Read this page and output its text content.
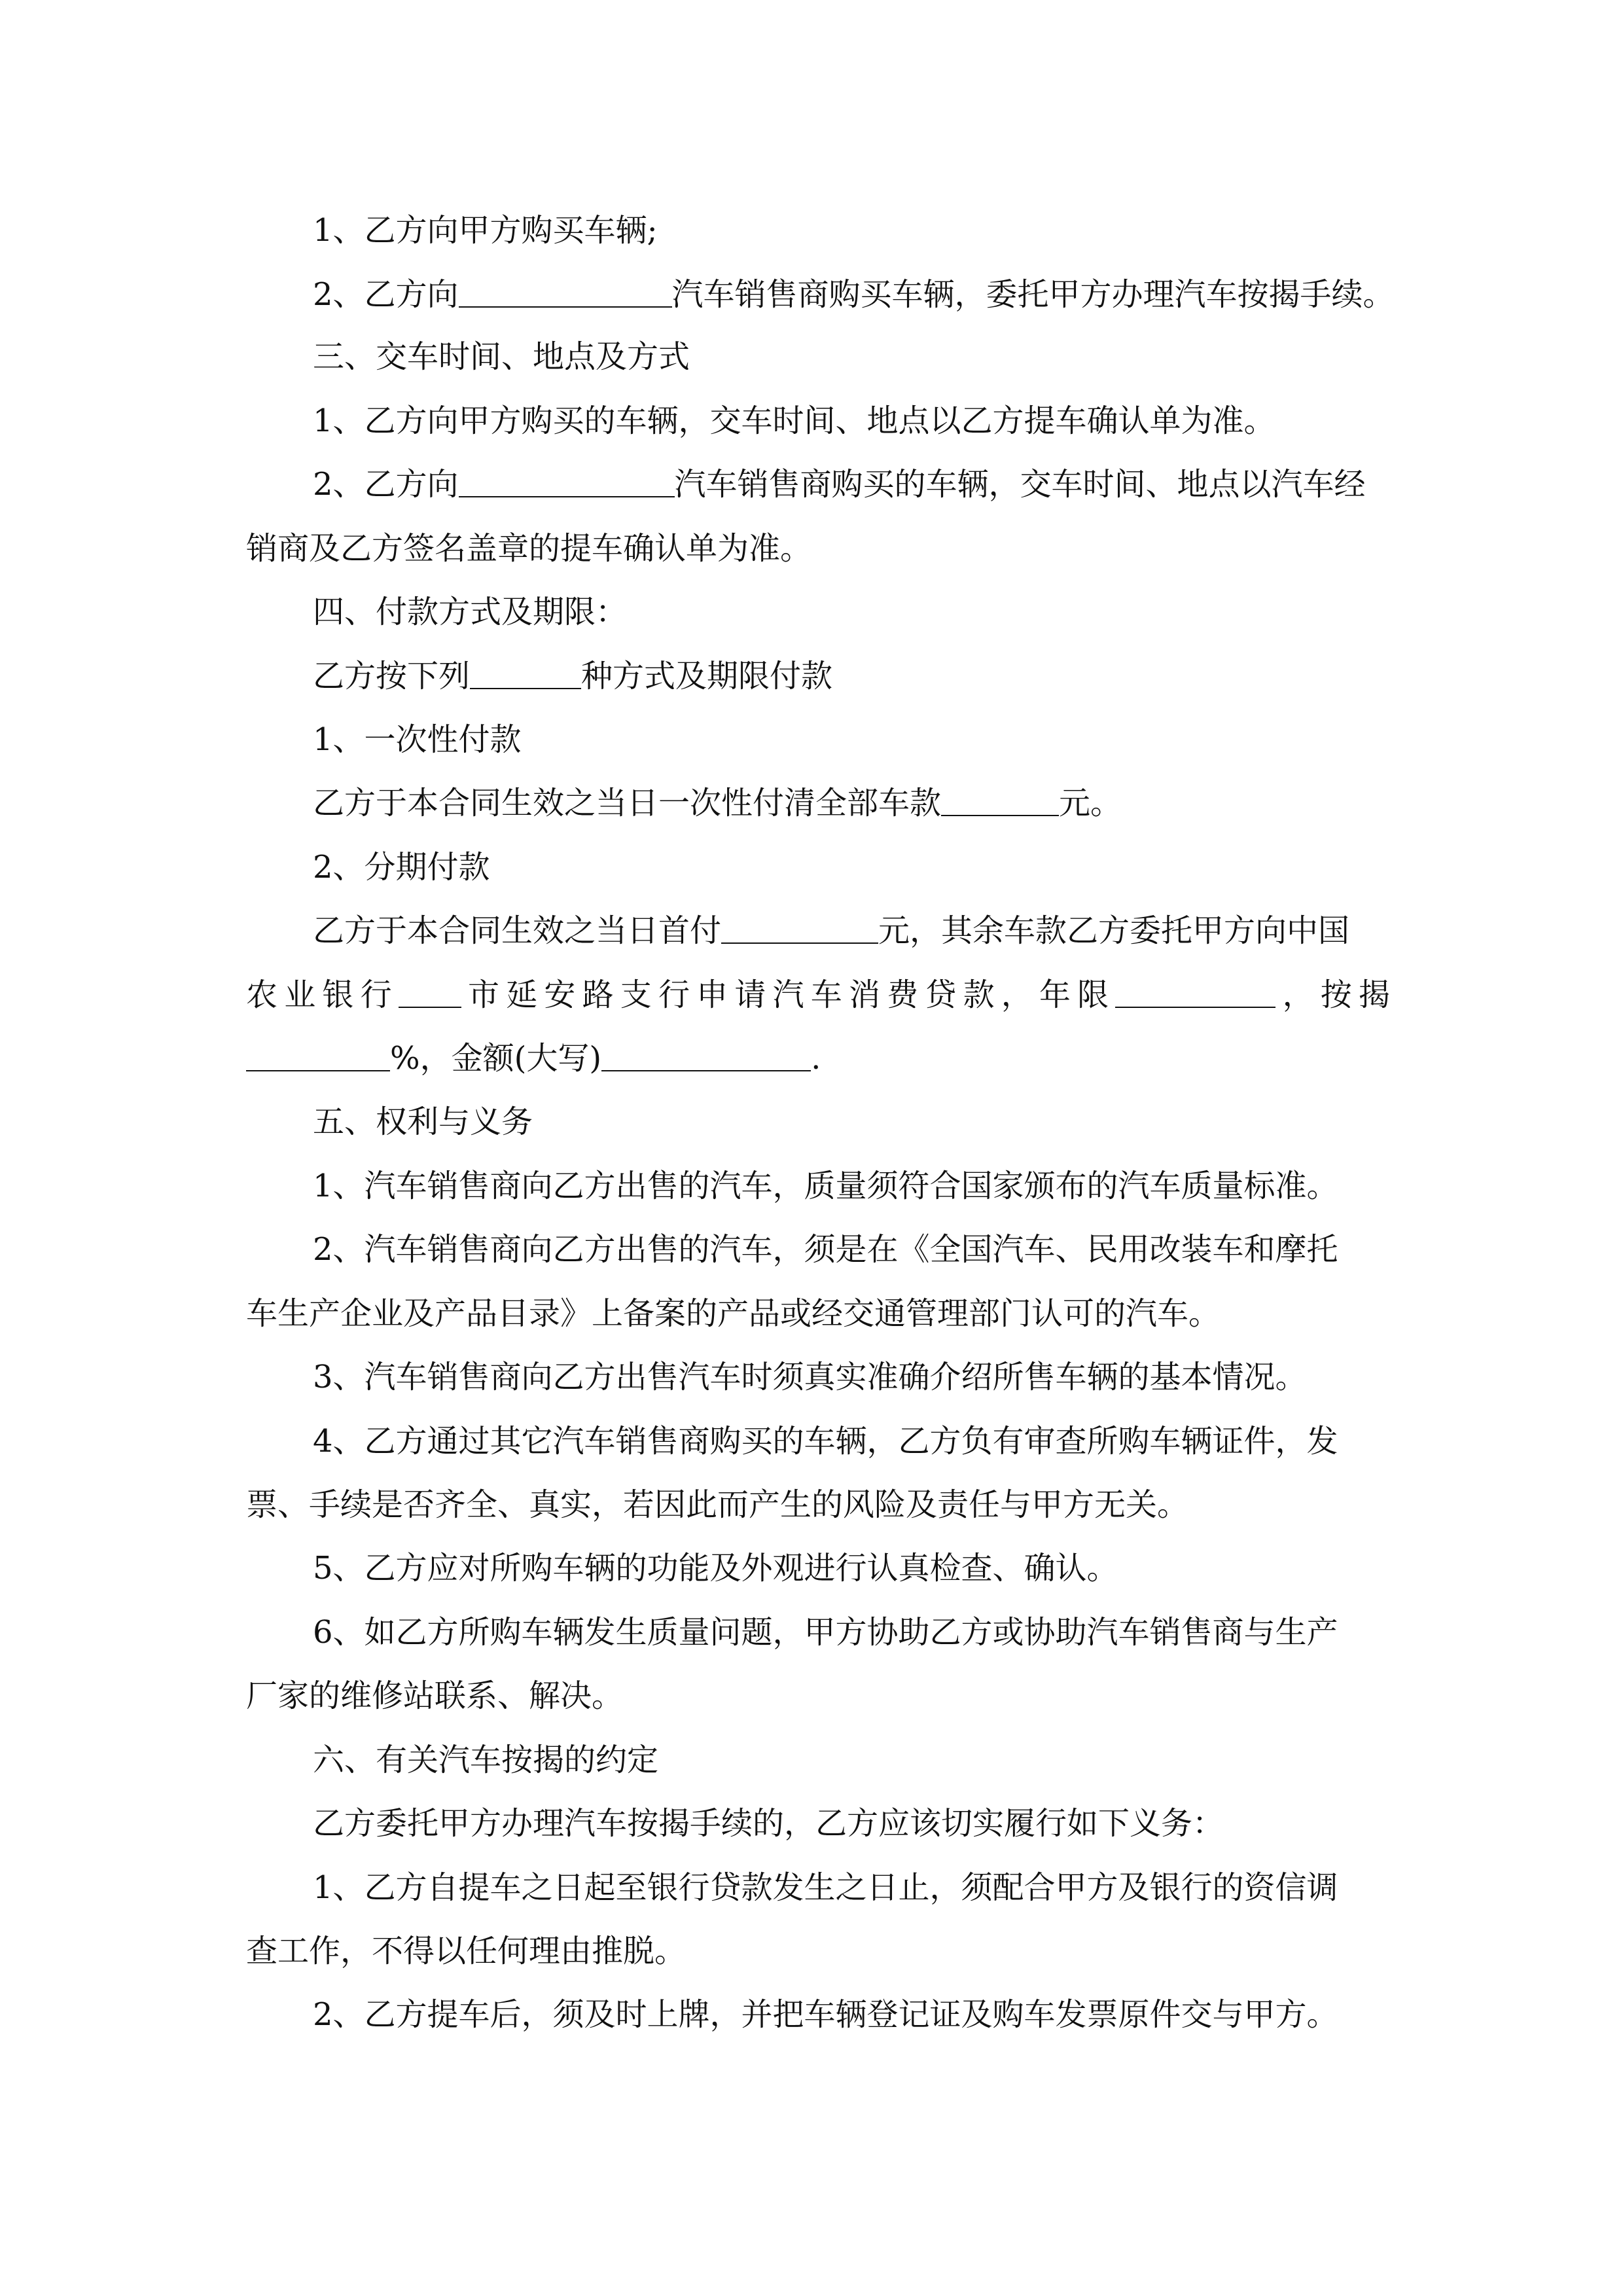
1、乙方向甲方购买车辆;
2、乙方向	汽车销售商购买车辆，委托甲方办理汽车按揭手续。
三、交车时间、地点及方式
1、乙方向甲方购买的车辆，交车时间、地点以乙方提车确认单为准。
2、乙方向	汽车销售商购买的车辆，交车时间、地点以汽车经
销商及乙方签名盖章的提车确认单为准。
四、付款方式及期限：
乙方按下列	种方式及期限付款
1、一次性付款
乙方于本合同生效之当日一次性付清全部车款	元。
2、分期付款
乙方于本合同生效之当日首付	元，其余车款乙方委托甲方向中国
农业银行 市延安路支行申请汽车消费贷款，年限	，按揭
%，金额(大写)	.
五、权利与义务
1、汽车销售商向乙方出售的汽车，质量须符合国家颁布的汽车质量标准。
2、汽车销售商向乙方出售的汽车，须是在《全国汽车、民用改装车和摩托
车生产企业及产品目录》上备案的产品或经交通管理部门认可的汽车。
3、汽车销售商向乙方出售汽车时须真实准确介绍所售车辆的基本情况。
4、乙方通过其它汽车销售商购买的车辆，乙方负有审查所购车辆证件，发
票、手续是否齐全、真实，若因此而产生的风险及责任与甲方无关。
5、乙方应对所购车辆的功能及外观进行认真检查、确认。
6、如乙方所购车辆发生质量问题，甲方协助乙方或协助汽车销售商与生产
厂家的维修站联系、解决。
六、有关汽车按揭的约定
乙方委托甲方办理汽车按揭手续的，乙方应该切实履行如下义务：
1、乙方自提车之日起至银行贷款发生之日止，须配合甲方及银行的资信调
查工作，不得以任何理由推脱。
2、乙方提车后，须及时上牌，并把车辆登记证及购车发票原件交与甲方。
